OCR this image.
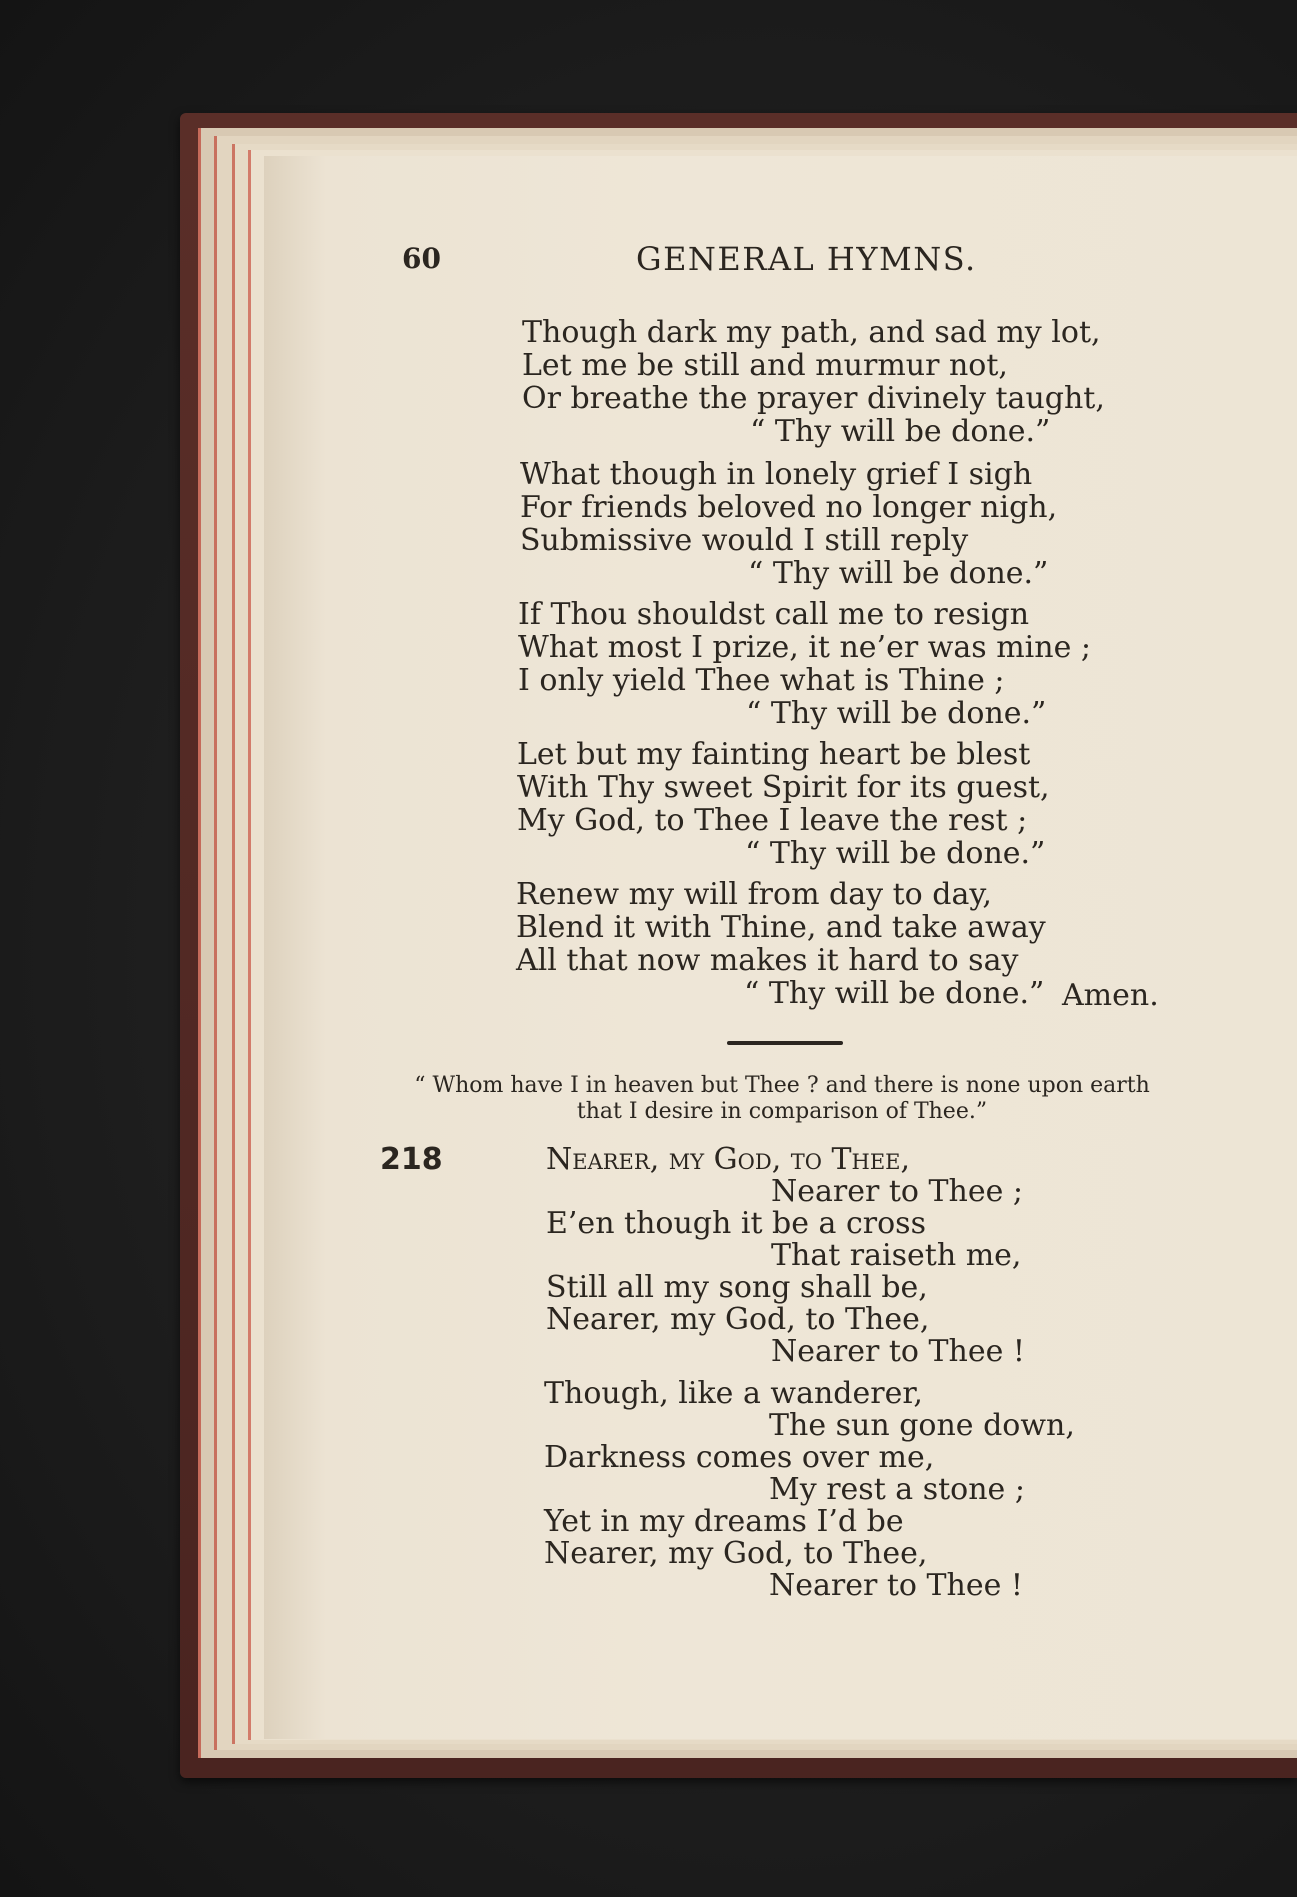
60	GENERAL HYMNS.
Though dark my path, and sad my lot,
Let me be still and murmur not,
Or breathe the prayer divinely taught,
“ Thy will be done.”
What though in lonely grief I sigh
For friends beloved no longer nigh,
Submissive would I still reply
“ Thy will be done.”
If Thou shouldst call me to resign
What most I prize, it ne’er was mine ;
I only yield Thee what is Thine ;
“ Thy will be done.”
Let but my fainting heart be blest
With Thy sweet Spirit for its guest,
My God, to Thee I leave the rest ;
“ Thy will be done.”
Renew my will from day to day,
Blend it with Thine, and take away
All that now makes it hard to say
“ Thy will be done.” Amen.
“ Whom have I in heaven but Thee ? and there is none upon earth
that I desire in comparison of Thee.”
218	Nearer, my God, to Thee,
Nearer to Thee ;
E’en though it be a cross
That raiseth me,
Still all my song shall be,
Nearer, my God, to Thee,
Nearer to Thee !
Though, like a wanderer,
The sun gone down,
Darkness comes over me,
My rest a stone ;
Yet in my dreams I’d be
Nearer, my God, to Thee,
Nearer to Thee !
